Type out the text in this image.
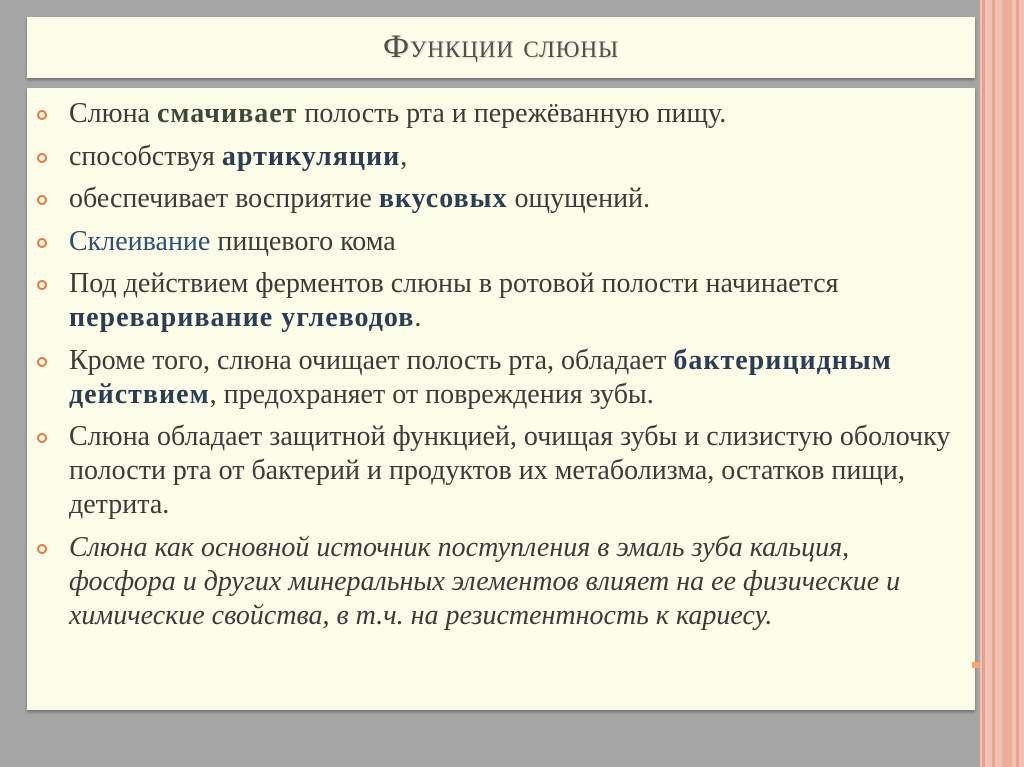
Функции слюны
Слюна смачивает полость рта и пережёванную пищу.
способствуя артикуляции,
обеспечивает восприятие вкусовых ощущений.
Склеивание пищевого кома
Под действием ферментов слюны в ротовой полости начинается переваривание углеводов.
Кроме того, слюна очищает полость рта, обладает бактерицидным действием, предохраняет от повреждения зубы.
Слюна обладает защитной функцией, очищая зубы и слизистую оболочку полости рта от бактерий и продуктов их метаболизма, остатков пищи, детрита.
Слюна как основной источник поступления в эмаль зуба кальция, фосфора и других минеральных элементов влияет на ее физические и химические свойства, в т.ч. на резистентность к кариесу.
